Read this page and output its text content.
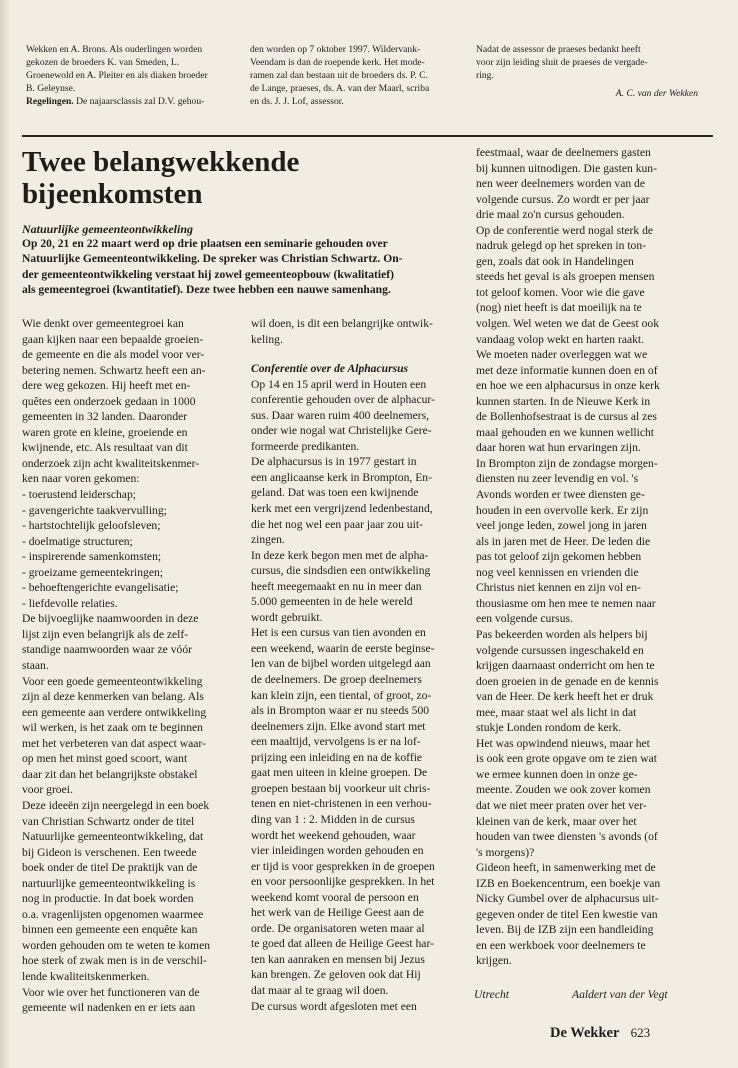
Wekken en A. Brons. Als ouderlingen worden
gekozen de broeders K. van Smeden, L.
Groenewold en A. Pleiter en als diaken broeder
B. Geleynse.
Regelingen. De najaarsclassis zal D.V. gehou-
den worden op 7 oktober 1997. Wildervank-
Veendam is dan de roepende kerk. Het mode-
ramen zal dan bestaan uit de broeders ds. P. C.
de Lange, praeses, ds. A. van der Maarl, scriba
en ds. J. J. Lof, assessor.
Nadat de assessor de praeses bedankt heeft
voor zijn leiding sluit de praeses de vergade-
ring.
A. C. van der Wekken
Twee belangwekkende
bijeenkomsten
Natuurlijke gemeenteontwikkeling
Op 20, 21 en 22 maart werd op drie plaatsen een seminarie gehouden over
Natuurlijke Gemeenteontwikkeling. De spreker was Christian Schwartz. On-
der gemeenteontwikkeling verstaat hij zowel gemeenteopbouw (kwalitatief)
als gemeentegroei (kwantitatief). Deze twee hebben een nauwe samenhang.
Wie denkt over gemeentegroei kan
gaan kijken naar een bepaalde groeien-
de gemeente en die als model voor ver-
betering nemen. Schwartz heeft een an-
dere weg gekozen. Hij heeft met en-
quêtes een onderzoek gedaan in 1000
gemeenten in 32 landen. Daaronder
waren grote en kleine, groeiende en
kwijnende, etc. Als resultaat van dit
onderzoek zijn acht kwaliteitskenmer-
ken naar voren gekomen:
- toerustend leiderschap;
- gavengerichte taakvervulling;
- hartstochtelijk geloofsleven;
- doelmatige structuren;
- inspirerende samenkomsten;
- groeizame gemeentekringen;
- behoeftengerichte evangelisatie;
- liefdevolle relaties.
De bijvoeglijke naamwoorden in deze
lijst zijn even belangrijk als de zelf-
standige naamwoorden waar ze vóór
staan.
Voor een goede gemeenteontwikkeling
zijn al deze kenmerken van belang. Als
een gemeente aan verdere ontwikkeling
wil werken, is het zaak om te beginnen
met het verbeteren van dat aspect waar-
op men het minst goed scoort, want
daar zit dan het belangrijkste obstakel
voor groei.
Deze ideeën zijn neergelegd in een boek
van Christian Schwartz onder de titel
Natuurlijke gemeenteontwikkeling, dat
bij Gideon is verschenen. Een tweede
boek onder de titel De praktijk van de
nartuurlijke gemeenteontwikkeling is
nog in productie. In dat boek worden
o.a. vragenlijsten opgenomen waarmee
binnen een gemeente een enquête kan
worden gehouden om te weten te komen
hoe sterk of zwak men is in de verschil-
lende kwaliteitskenmerken.
Voor wie over het functioneren van de
gemeente wil nadenken en er iets aan
wil doen, is dit een belangrijke ontwik-
keling.
Conferentie over de Alphacursus
Op 14 en 15 april werd in Houten een
conferentie gehouden over de alphacur-
sus. Daar waren ruim 400 deelnemers,
onder wie nogal wat Christelijke Gere-
formeerde predikanten.
De alphacursus is in 1977 gestart in
een anglicaanse kerk in Brompton, En-
geland. Dat was toen een kwijnende
kerk met een vergrijzend ledenbestand,
die het nog wel een paar jaar zou uit-
zingen.
In deze kerk begon men met de alpha-
cursus, die sindsdien een ontwikkeling
heeft meegemaakt en nu in meer dan
5.000 gemeenten in de hele wereld
wordt gebruikt.
Het is een cursus van tien avonden en
een weekend, waarin de eerste beginse-
len van de bijbel worden uitgelegd aan
de deelnemers. De groep deelnemers
kan klein zijn, een tiental, of groot, zo-
als in Brompton waar er nu steeds 500
deelnemers zijn. Elke avond start met
een maaltijd, vervolgens is er na lof-
prijzing een inleiding en na de koffie
gaat men uiteen in kleine groepen. De
groepen bestaan bij voorkeur uit chris-
tenen en niet-christenen in een verhou-
ding van 1 : 2. Midden in de cursus
wordt het weekend gehouden, waar
vier inleidingen worden gehouden en
er tijd is voor gesprekken in de groepen
en voor persoonlijke gesprekken. In het
weekend komt vooral de persoon en
het werk van de Heilige Geest aan de
orde. De organisatoren weten maar al
te goed dat alleen de Heilige Geest har-
ten kan aanraken en mensen bij Jezus
kan brengen. Ze geloven ook dat Hij
dat maar al te graag wil doen.
De cursus wordt afgesloten met een
feestmaal, waar de deelnemers gasten
bij kunnen uitnodigen. Die gasten kun-
nen weer deelnemers worden van de
volgende cursus. Zo wordt er per jaar
drie maal zo'n cursus gehouden.
Op de conferentie werd nogal sterk de
nadruk gelegd op het spreken in ton-
gen, zoals dat ook in Handelingen
steeds het geval is als groepen mensen
tot geloof komen. Voor wie die gave
(nog) niet heeft is dat moeilijk na te
volgen. Wel weten we dat de Geest ook
vandaag volop wekt en harten raakt.
We moeten nader overleggen wat we
met deze informatie kunnen doen en of
en hoe we een alphacursus in onze kerk
kunnen starten. In de Nieuwe Kerk in
de Bollenhofsestraat is de cursus al zes
maal gehouden en we kunnen wellicht
daar horen wat hun ervaringen zijn.
In Brompton zijn de zondagse morgen-
diensten nu zeer levendig en vol. 's
Avonds worden er twee diensten ge-
houden in een overvolle kerk. Er zijn
veel jonge leden, zowel jong in jaren
als in jaren met de Heer. De leden die
pas tot geloof zijn gekomen hebben
nog veel kennissen en vrienden die
Christus niet kennen en zijn vol en-
thousiasme om hen mee te nemen naar
een volgende cursus.
Pas bekeerden worden als helpers bij
volgende cursussen ingeschakeld en
krijgen daarnaast onderricht om hen te
doen groeien in de genade en de kennis
van de Heer. De kerk heeft het er druk
mee, maar staat wel als licht in dat
stukje Londen rondom de kerk.
Het was opwindend nieuws, maar het
is ook een grote opgave om te zien wat
we ermee kunnen doen in onze ge-
meente. Zouden we ook zover komen
dat we niet meer praten over het ver-
kleinen van de kerk, maar over het
houden van twee diensten 's avonds (of
's morgens)?
Gideon heeft, in samenwerking met de
IZB en Boekencentrum, een boekje van
Nicky Gumbel over de alphacursus uit-
gegeven onder de titel Een kwestie van
leven. Bij de IZB zijn een handleiding
en een werkboek voor deelnemers te
krijgen.
Utrecht	Aaldert van der Vegt
De Wekker 623
